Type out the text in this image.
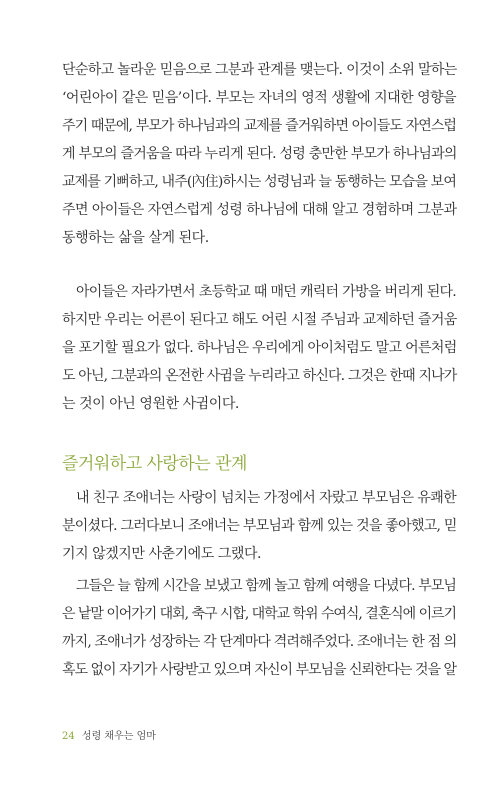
단순하고 놀라운 믿음으로 그분과 관계를 맺는다. 이것이 소위 말하는
‘어린아이 같은 믿음’이다. 부모는 자녀의 영적 생활에 지대한 영향을
주기 때문에, 부모가 하나님과의 교제를 즐거워하면 아이들도 자연스럽
게 부모의 즐거움을 따라 누리게 된다. 성령 충만한 부모가 하나님과의
교제를 기뻐하고, 내주(內住)하시는 성령님과 늘 동행하는 모습을 보여
주면 아이들은 자연스럽게 성령 하나님에 대해 알고 경험하며 그분과
동행하는 삶을 살게 된다.
아이들은 자라가면서 초등학교 때 매던 캐릭터 가방을 버리게 된다.
하지만 우리는 어른이 된다고 해도 어린 시절 주님과 교제하던 즐거움
을 포기할 필요가 없다. 하나님은 우리에게 아이처럼도 말고 어른처럼
도 아닌, 그분과의 온전한 사귐을 누리라고 하신다. 그것은 한때 지나가
는 것이 아닌 영원한 사귐이다.
즐거워하고 사랑하는 관계
내 친구 조애너는 사랑이 넘치는 가정에서 자랐고 부모님은 유쾌한
분이셨다. 그러다보니 조애너는 부모님과 함께 있는 것을 좋아했고, 믿
기지 않겠지만 사춘기에도 그랬다.
그들은 늘 함께 시간을 보냈고 함께 놀고 함께 여행을 다녔다. 부모님
은 낱말 이어가기 대회, 축구 시합, 대학교 학위 수여식, 결혼식에 이르기
까지, 조애너가 성장하는 각 단계마다 격려해주었다. 조애너는 한 점 의
혹도 없이 자기가 사랑받고 있으며 자신이 부모님을 신뢰한다는 것을 알
24 성령 채우는 엄마
